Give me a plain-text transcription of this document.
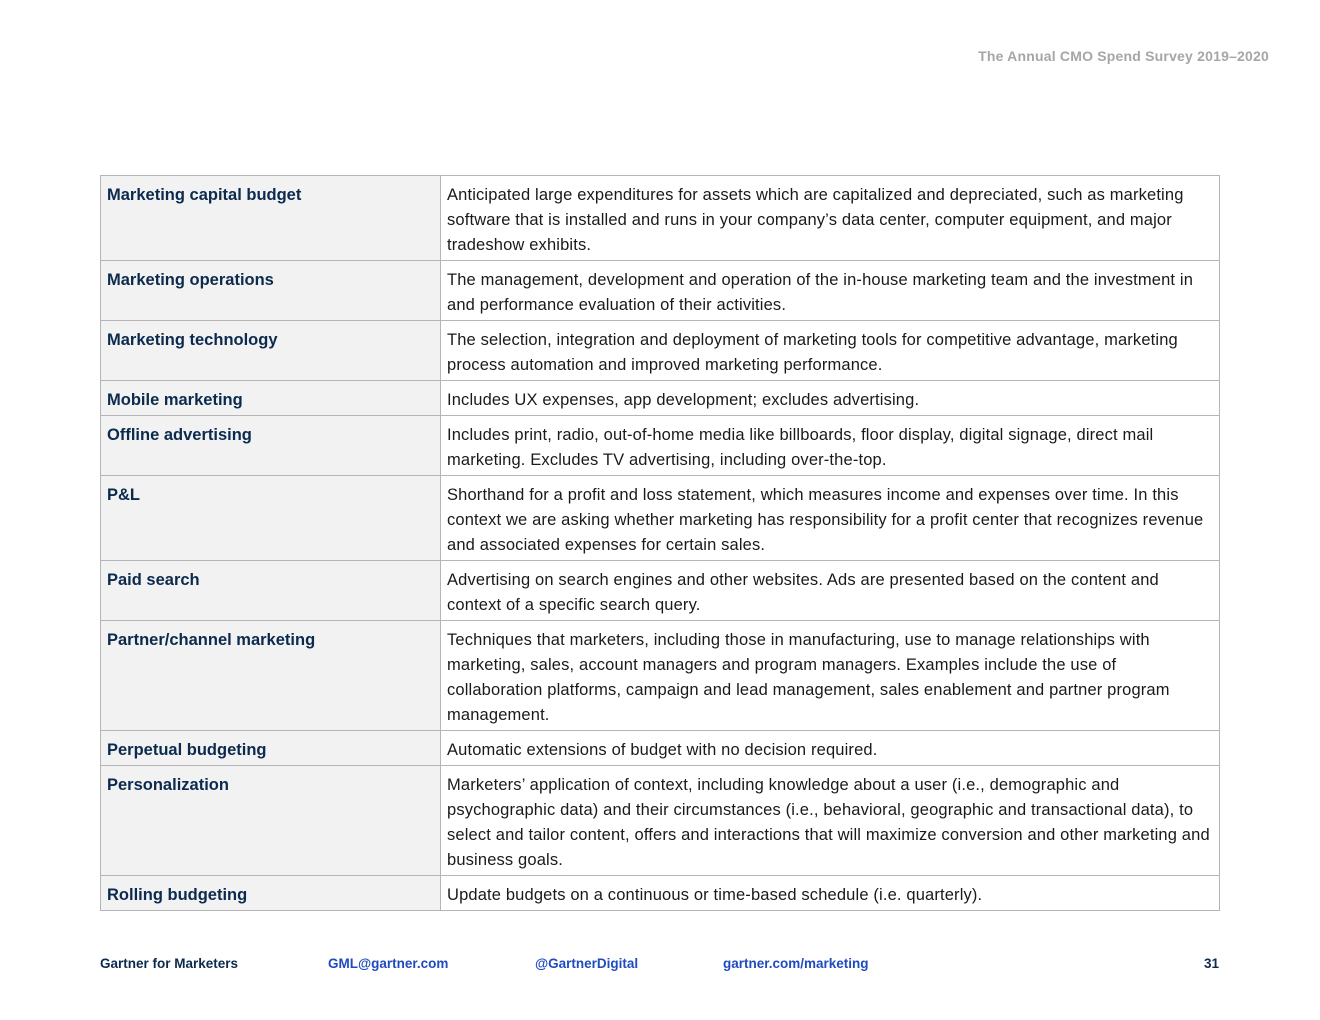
The Annual CMO Spend Survey 2019–2020
Marketing capital budget	Anticipated large expenditures for assets which are capitalized and depreciated, such as marketing software that is installed and runs in your company’s data center, computer equipment, and major tradeshow exhibits.
Marketing operations	The management, development and operation of the in-house marketing team and the investment in and performance evaluation of their activities.
Marketing technology	The selection, integration and deployment of marketing tools for competitive advantage, marketing process automation and improved marketing performance.
Mobile marketing	Includes UX expenses, app development; excludes advertising.
Offline advertising	Includes print, radio, out-of-home media like billboards, floor display, digital signage, direct mail marketing. Excludes TV advertising, including over-the-top.
P&L	Shorthand for a profit and loss statement, which measures income and expenses over time. In this context we are asking whether marketing has responsibility for a profit center that recognizes revenue and associated expenses for certain sales.
Paid search	Advertising on search engines and other websites. Ads are presented based on the content and context of a specific search query.
Partner/channel marketing	Techniques that marketers, including those in manufacturing, use to manage relationships with marketing, sales, account managers and program managers. Examples include the use of collaboration platforms, campaign and lead management, sales enablement and partner program management.
Perpetual budgeting	Automatic extensions of budget with no decision required.
Personalization	Marketers’ application of context, including knowledge about a user (i.e., demographic and psychographic data) and their circumstances (i.e., behavioral, geographic and transactional data), to select and tailor content, offers and interactions that will maximize conversion and other marketing and business goals.
Rolling budgeting	Update budgets on a continuous or time-based schedule (i.e. quarterly).
Gartner for Marketers	GML@gartner.com	@GartnerDigital	gartner.com/marketing	31
